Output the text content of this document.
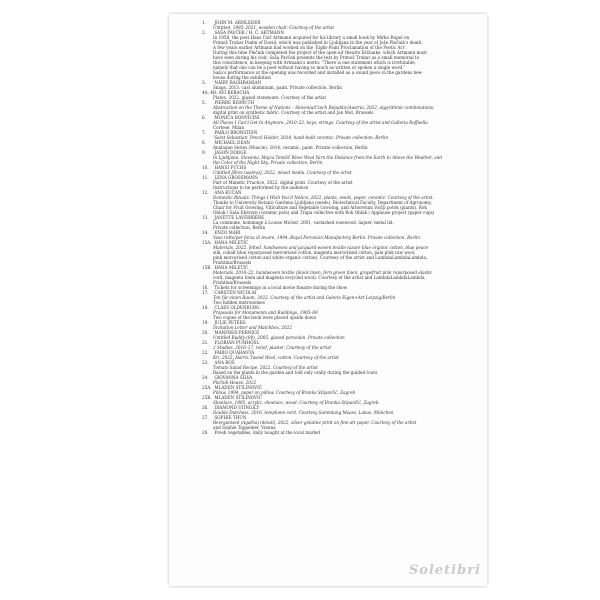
1. JOHN M. ARMLEDER
Untitled, 1985–2021, wooden chair. Courtesy of the artist
2. SAŠA PAVČEK / H. C. ARTMANN
In 1958, the poet Hans Carl Artmann acquired for his library a small book by Mirko Rupel on
Primož Trubar Psalm of David, which was published in Ljubljana in the year of Jože Plečnik’s death.
A few years earlier Artmann had worked on the ‘Eight-Point Proclamation of the Poetic Act’.
During this time Plečnik completed the project of the open-air theatre Križanke, which Artmann must
have seen during his visit. Saša Pavček presents the text by Primož Trubar as a small memorial to
this coincidence, in keeping with Artmann’s motto: “There is one statement which is irrefutable,
namely that one can be a poet without having so much as written or spoken a single word.”
Saša’s performance at the opening was recorded and installed as a sound piece in the gardens bee-
house during the exhibition
3. NAIRY BAGHRAMIAN
Snags, 2013, cast aluminium, paint. Private collection, Berlin
4A, 4B. AVI BERACHA
Plates, 2022, glazed stoneware. Courtesy of the artist
5. PIERRE BISMUTH
Abstraction on the Theme of Nations – Slovenia/Czech Republic/Austria, 2022, algorithmic combinations,
digital print on synthetic fabric. Courtesy of the artist and Jan Mot, Brussels
6. MONICA BONVICINI
All Places I Can’t Get In Anymore, 2010–22, keys, strings. Courtesy of the artist and Galleria Raffaella
Cortese, Milan
7. PABLO BRONSTEIN
‘Saint Sebastian’ Pencil Holder, 2018, hand-built ceramic. Private collection, Berlin
8. MICHAEL DEAN
Analogue Series (Muscle), 2014, ceramic, paint. Private collection, Berlin
9. JASON DODGE
In Ljubljana, Slovenia, Mojca Tomšič Wove Wool Yarn the Distance from the Earth to Above the Weather, and
the Color of the Night Sky. Private collection, Berlin
10. HANSI FUCHS
Untitled [Brez naslova], 2022, mixed media. Courtesy of the artist
11. LENA GROSSMANN
Part of Mimetic Practice, 2022, digital print. Courtesy of the artist
Instructions to be performed by the audience
12. ANA KUČAN
Domestic Rituals: Things I Wish You’d Notice, 2022, plants, seeds, paper, ceramic. Courtesy of the artist.
Thanks to University Botanic Gardens Ljubljana (seeds), Biotechnical Faculty, Department of Agronomy,
Chair for Fruit Growing, Viticulture and Vegetable Growing, and Arboretum Volčji potok (plants), Rok
Oblak / Saša Ebersyn (ceramic pots) and Trapa collective with Rok Oblak / Applause project (paper cups)
13. JANETTE LAVERRIÈRE
La commune, hommage à Louise Michel, 2001, varnished rosewood, laquer, metal lid.
Private collection, Berlin
14. ENZO MARI
Vaso rotto/per forza di levare, 1994, Royal Porcelain Manufactory Berlin. Private collection, Berlin
15A. HANA MILETIĆ
Materials, 2022, felted, handwoven and jacquard-woven textile (azure blue organic cotton, blue peace
silk, cobalt blue repurposed mercerised cotton, magenta mercerised cotton, pale pink raw wool,
pink mercerised cotton and white organic cotton). Courtesy of the artist and LambdaLambdaLambda,
Prishtina/Brussels
15B. HANA MILETIĆ
Materials, 2018–22, handwoven textile (black linen, fern green linen, grapefruit pink repurposed elastic
cord, magenta linen and magenta recycled wool). Courtesy of the artist and LambdaLambdaLambda,
Prishtina/Brussels
16. Tickets for screenings in a local movie theatre during the show
17. CARSTEN NICOLAI
Ton für einen Raum, 2022. Courtesy of the artist and Galerie Eigen+Art Leipzig/Berlin
Two hidden metronomes
18. CLAES OLDENBURG
Proposals for Monuments and Buildings, 1965–69
Two copies of the book were placed upside down
19. JULIE PETERS
Invitation Letter and Matchbox, 2022
20. MANFRED PERNICE
Untitled Buddy-(09), 2005, glazed porcelain. Private collection
21. FLORIAN PUMHÖSL
2 Studies, 2016–17, relief, plaster. Courtesy of the artist
22. FABIO QUARANTA
Kri, 2022, Harris Tweed Wool, cotton. Courtesy of the artist
23. ANA ROŠ
Tomato Salad Recipe, 2022. Courtesy of the artist
Based on the plants in the garden and told only orally during the guided tours
24. GIOVANNA SILVA
Plečnik House, 2022
25A. MLADEN STILINOVIĆ
Pillow, 1994, paper on pillow. Courtesy of Branka Stipančić, Zagreb
25B. MLADEN STILINOVIĆ
Shoelace, 1995, acrylic, shoelace, wood. Courtesy of Branka Stipančić, Zagreb
26. DIAMOND STINGILY
Double Dutchess, 2016, telephone cord. Courtesy Sammlung Maass, Lukas, München
27. SOPHIE THUN
Reorganised (Agatha) (detail), 2022, silver gelatine print on fine-art paper. Courtesy of the artist
and Sophie Tappeiner, Vienna
28. Fresh vegetables, daily bought at the local market
Soletibri
